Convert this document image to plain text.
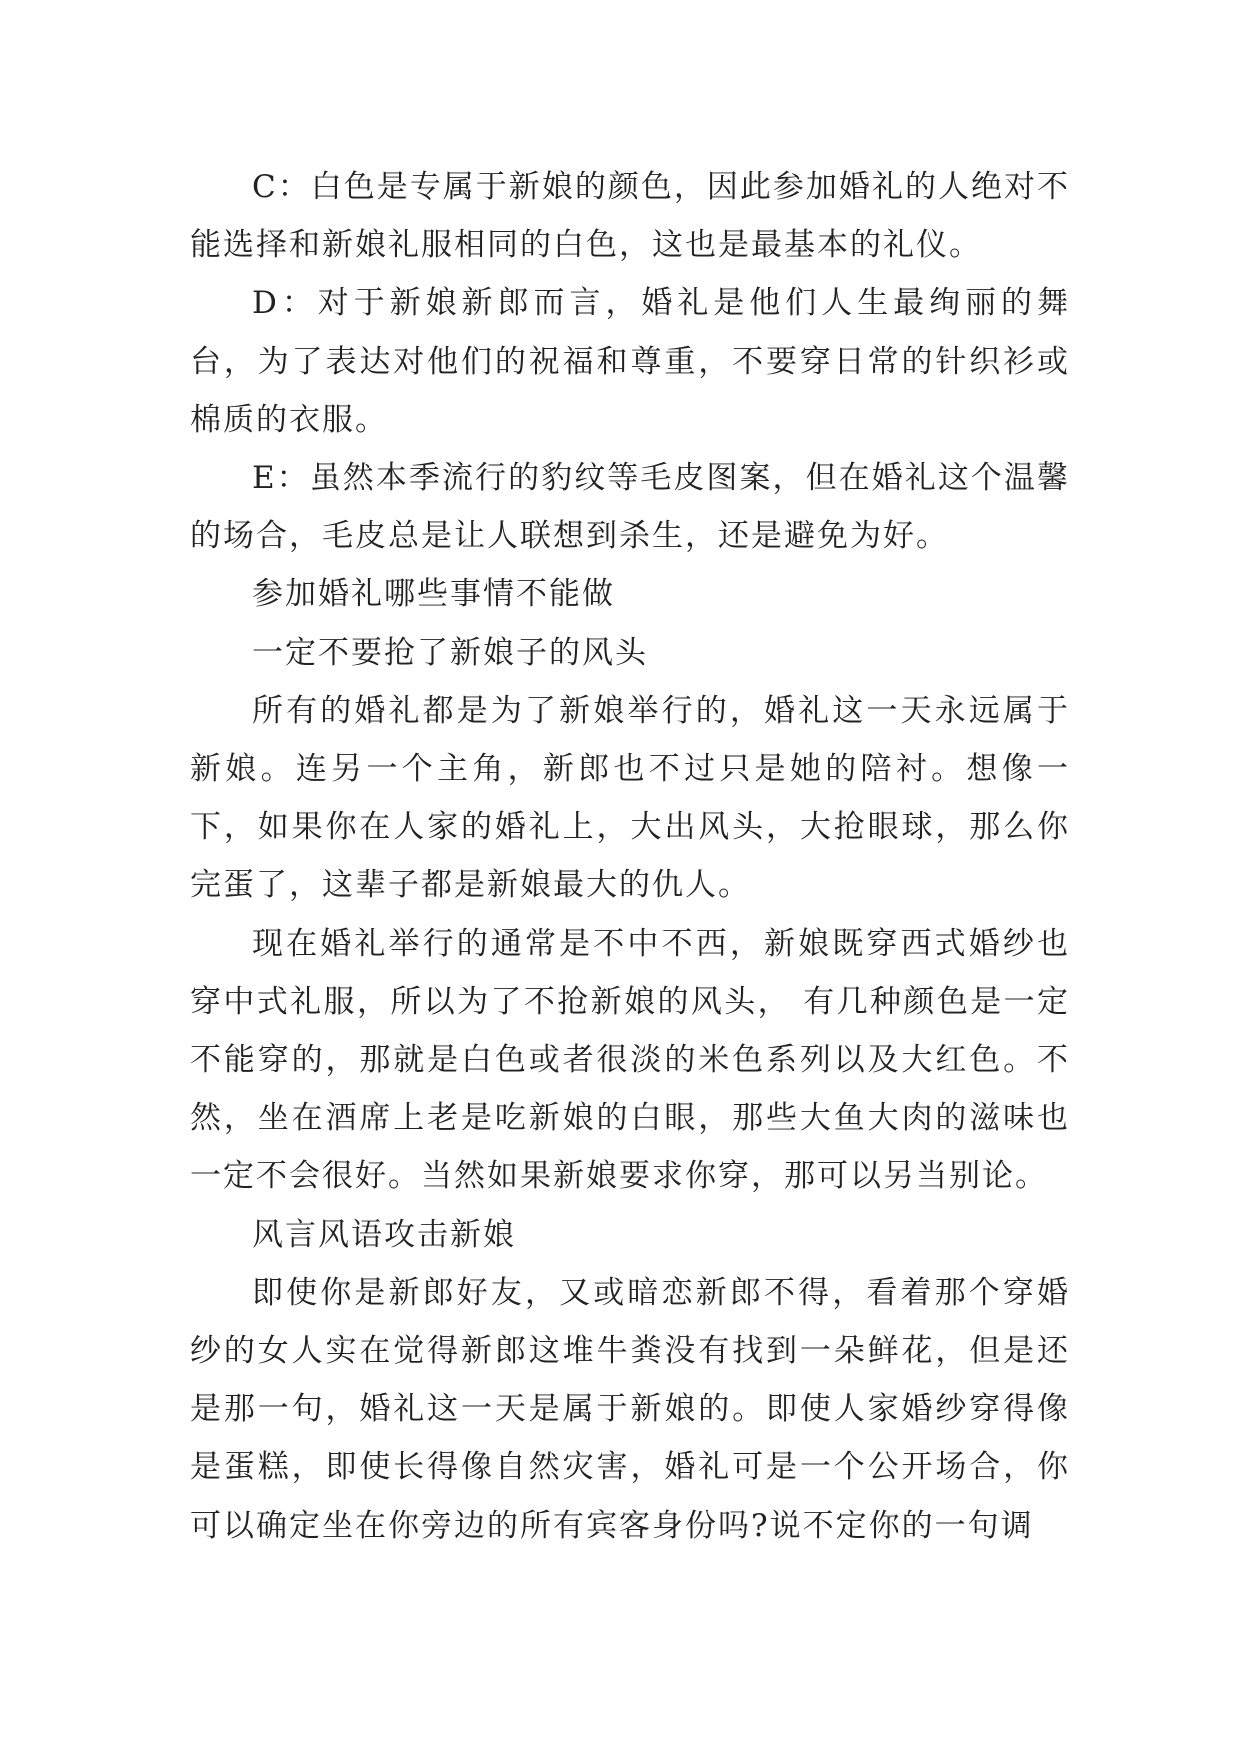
C：白色是专属于新娘的颜色，因此参加婚礼的人绝对不能选择和新娘礼服相同的白色，这也是最基本的礼仪。

D：对于新娘新郎而言，婚礼是他们人生最绚丽的舞台，为了表达对他们的祝福和尊重，不要穿日常的针织衫或棉质的衣服。

E：虽然本季流行的豹纹等毛皮图案，但在婚礼这个温馨的场合，毛皮总是让人联想到杀生，还是避免为好。

参加婚礼哪些事情不能做

一定不要抢了新娘子的风头

所有的婚礼都是为了新娘举行的，婚礼这一天永远属于新娘。连另一个主角，新郎也不过只是她的陪衬。想像一下，如果你在人家的婚礼上，大出风头，大抢眼球，那么你完蛋了，这辈子都是新娘最大的仇人。

现在婚礼举行的通常是不中不西，新娘既穿西式婚纱也穿中式礼服，所以为了不抢新娘的风头， 有几种颜色是一定不能穿的，那就是白色或者很淡的米色系列以及大红色。不然，坐在酒席上老是吃新娘的白眼，那些大鱼大肉的滋味也一定不会很好。当然如果新娘要求你穿，那可以另当别论。

风言风语攻击新娘

即使你是新郎好友，又或暗恋新郎不得，看着那个穿婚纱的女人实在觉得新郎这堆牛粪没有找到一朵鲜花，但是还是那一句，婚礼这一天是属于新娘的。即使人家婚纱穿得像是蛋糕，即使长得像自然灾害，婚礼可是一个公开场合，你可以确定坐在你旁边的所有宾客身份吗?说不定你的一句调
